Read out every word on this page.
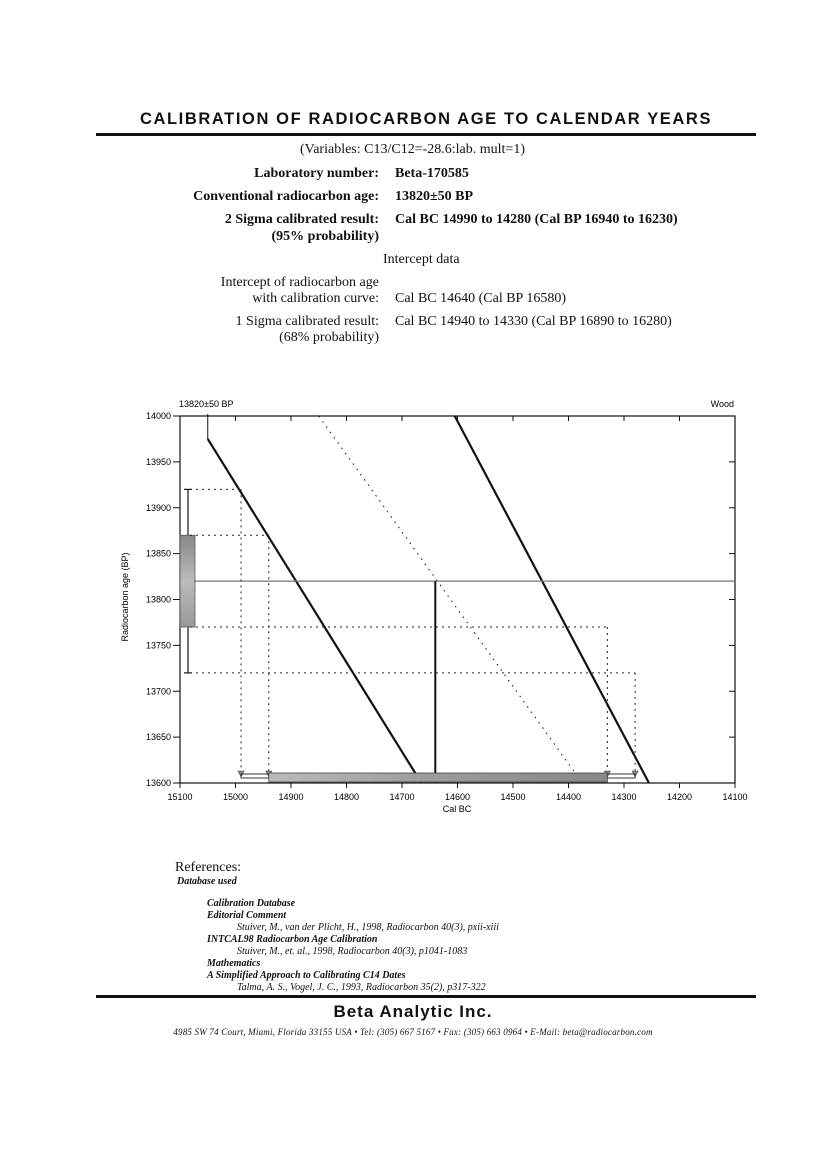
CALIBRATION OF RADIOCARBON AGE TO CALENDAR YEARS
(Variables: C13/C12=-28.6:lab. mult=1)
Laboratory number: Beta-170585
Conventional radiocarbon age: 13820±50 BP
2 Sigma calibrated result:
(95% probability)
Cal BC 14990 to 14280 (Cal BP 16940 to 16230)
Intercept data
Intercept of radiocarbon age
with calibration curve: Cal BC 14640 (Cal BP 16580)
1 Sigma calibrated result:
(68% probability)
Cal BC 14940 to 14330 (Cal BP 16890 to 16280)
13820±50 BP	Wood
Cal BC
Radiocarbon age (BP)
15100	15000	14900	14800	14700	14600	14500	14400	14300	14200	14100
14000
13950
13900
13850
13800
13750
13700
13650
13600
References:
Database used
Calibration Database
Editorial Comment
Stuiver, M., van der Plicht, H., 1998, Radiocarbon 40(3), pxii-xiii
INTCAL98 Radiocarbon Age Calibration
Stuiver, M., et. al., 1998, Radiocarbon 40(3), p1041-1083
Mathematics
A Simplified Approach to Calibrating C14 Dates
Talma, A. S., Vogel, J. C., 1993, Radiocarbon 35(2), p317-322
Beta Analytic Inc.
4985 SW 74 Court, Miami, Florida 33155 USA • Tel: (305) 667 5167 • Fax: (305) 663 0964 • E-Mail: beta@radiocarbon.com
